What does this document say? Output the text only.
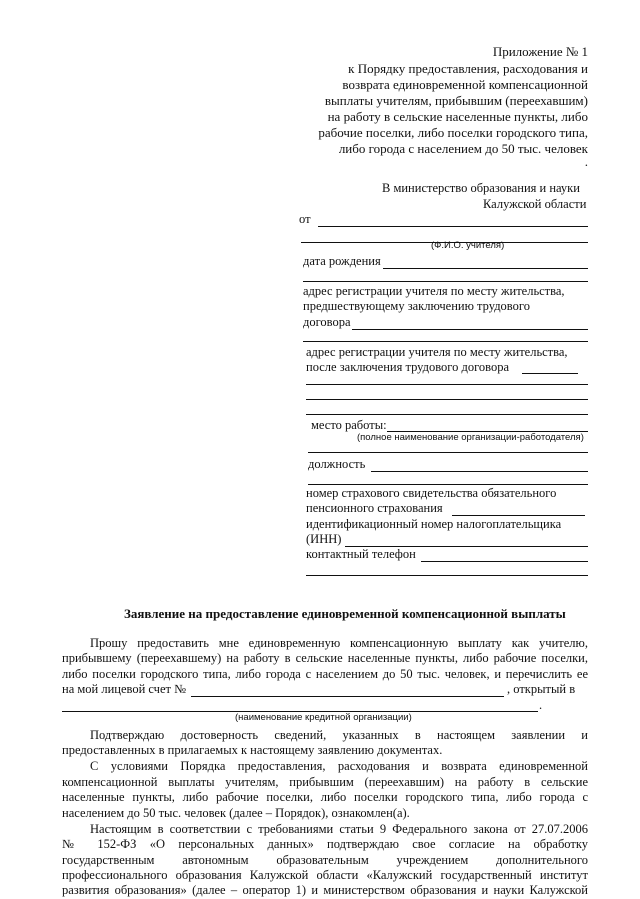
Приложение № 1
к Порядку предоставления, расходования и
возврата единовременной компенсационной
выплаты учителям, прибывшим (переехавшим)
на работу в сельские населенные пункты, либо
рабочие поселки, либо поселки городского типа,
либо города с населением до 50 тыс. человек
.
В министерство образования и науки
Калужской области
от
(Ф.И.О. учителя)
дата рождения
адрес регистрации учителя по месту жительства,
предшествующему заключению трудового
договора
адрес регистрации учителя по месту жительства,
после заключения трудового договора
место работы:
(полное наименование организации-работодателя)
должность
номер страхового свидетельства обязательного
пенсионного страхования
идентификационный номер налогоплательщика
(ИНН)
контактный телефон
Заявление на предоставление единовременной компенсационной выплаты
Прошу предоставить мне единовременную компенсационную выплату как учителю,
прибывшему (переехавшему) на работу в сельские населенные пункты, либо рабочие поселки,
либо поселки городского типа, либо города с населением до 50 тыс. человек, и перечислить ее
на мой лицевой счет №	, открытый в
.
(наименование кредитной организации)
Подтверждаю достоверность сведений, указанных в настоящем заявлении и
предоставленных в прилагаемых к настоящему заявлению документах.
С условиями Порядка предоставления, расходования и возврата единовременной
компенсационной выплаты учителям, прибывшим (переехавшим) на работу в сельские
населенные пункты, либо рабочие поселки, либо поселки городского типа, либо города с
населением до 50 тыс. человек (далее – Порядок), ознакомлен(а).
Настоящим в соответствии с требованиями статьи 9 Федерального закона от 27.07.2006
№ 152-ФЗ «О персональных данных» подтверждаю свое согласие на обработку
государственным автономным образовательным учреждением дополнительного
профессионального образования Калужской области «Калужский государственный институт
развития образования» (далее – оператор 1) и министерством образования и науки Калужской
